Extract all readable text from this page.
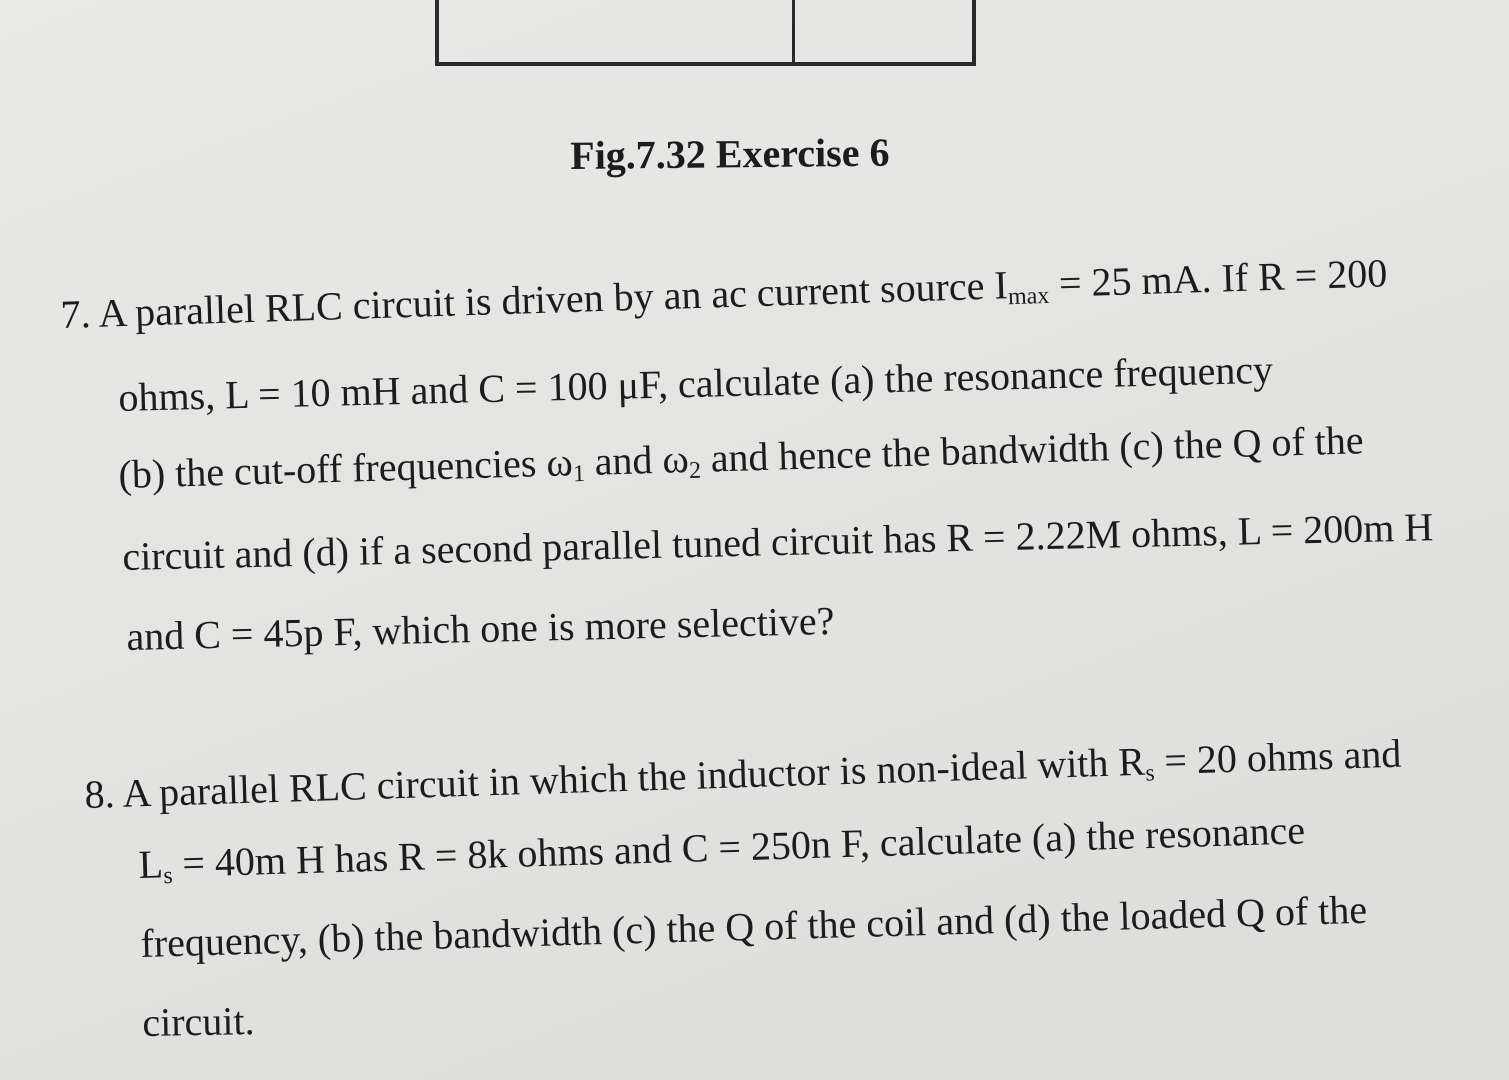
Fig.7.32 Exercise 6
7. A parallel RLC circuit is driven by an ac current source $I_{max} = 25$ mA. If R = 200
ohms, L = 10 mH and C = 100 μF, calculate (a) the resonance frequency
(b) the cut-off frequencies $\omega_1$ and $\omega_2$ and hence the bandwidth (c) the Q of the
circuit and (d) if a second parallel tuned circuit has R = 2.22M ohms, L = 200m H
and C = 45p F, which one is more selective?
8. A parallel RLC circuit in which the inductor is non-ideal with $R_s = 20$ ohms and
$L_s = 40m$ H has R = 8k ohms and C = 250n F, calculate (a) the resonance
frequency, (b) the bandwidth (c) the Q of the coil and (d) the loaded Q of the
circuit.
